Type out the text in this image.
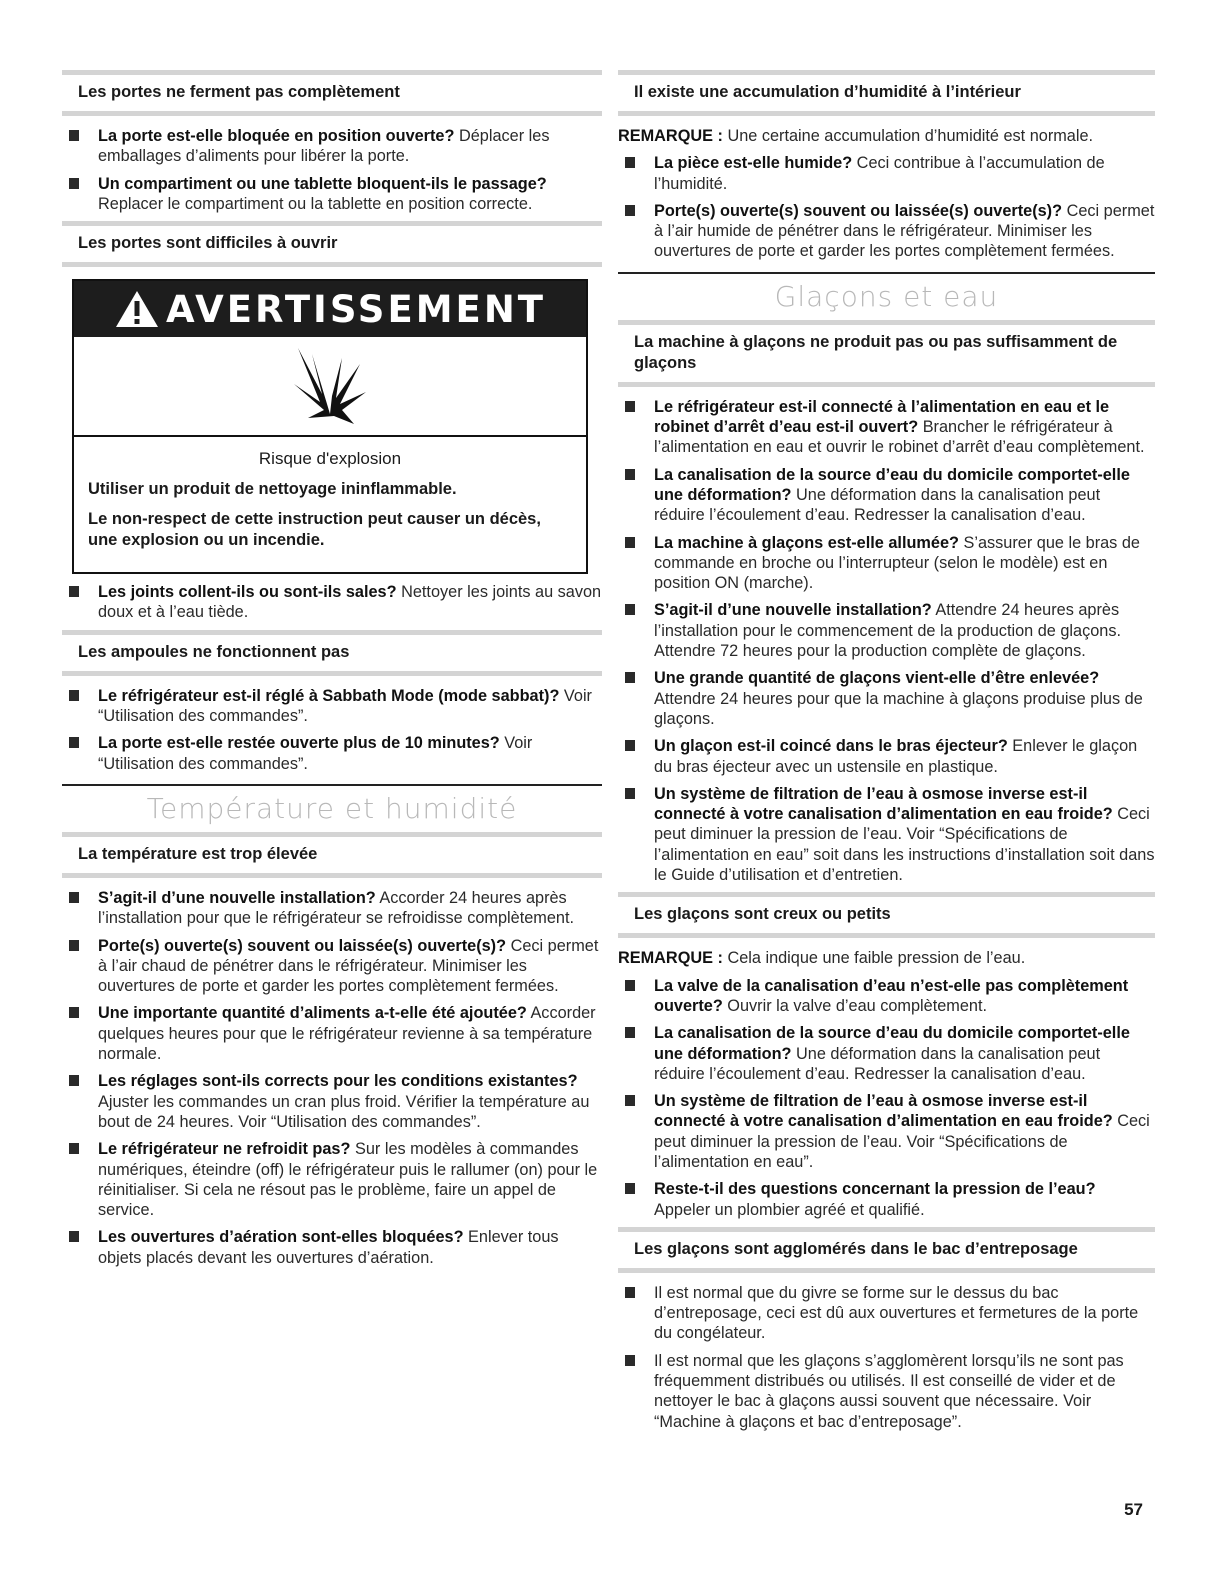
Les portes ne ferment pas complètement
La porte est-elle bloquée en position ouverte? Déplacer les emballages d’aliments pour libérer la porte.
Un compartiment ou une tablette bloquent-ils le passage? Replacer le compartiment ou la tablette en position correcte.
Les portes sont difficiles à ouvrir
AVERTISSEMENT
Risque d'explosion

Utiliser un produit de nettoyage ininflammable.

Le non-respect de cette instruction peut causer un décès, une explosion ou un incendie.

Les joints collent-ils ou sont-ils sales? Nettoyer les joints au savon doux et à l’eau tiède.
Les ampoules ne fonctionnent pas
Le réfrigérateur est-il réglé à Sabbath Mode (mode sabbat)? Voir “Utilisation des commandes”.
La porte est-elle restée ouverte plus de 10 minutes? Voir “Utilisation des commandes”.
Température et humidité
La température est trop élevée
S’agit-il d’une nouvelle installation? Accorder 24 heures après l’installation pour que le réfrigérateur se refroidisse complètement.
Porte(s) ouverte(s) souvent ou laissée(s) ouverte(s)? Ceci permet à l’air chaud de pénétrer dans le réfrigérateur. Minimiser les ouvertures de porte et garder les portes complètement fermées.
Une importante quantité d’aliments a-t-elle été ajoutée? Accorder quelques heures pour que le réfrigérateur revienne à sa température normale.
Les réglages sont-ils corrects pour les conditions existantes? Ajuster les commandes un cran plus froid. Vérifier la température au bout de 24 heures. Voir “Utilisation des commandes”.
Le réfrigérateur ne refroidit pas? Sur les modèles à commandes numériques, éteindre (off) le réfrigérateur puis le rallumer (on) pour le réinitialiser. Si cela ne résout pas le problème, faire un appel de service.
Les ouvertures d’aération sont-elles bloquées? Enlever tous objets placés devant les ouvertures d’aération.
Il existe une accumulation d’humidité à l’intérieur

REMARQUE : Une certaine accumulation d’humidité est normale.

La pièce est-elle humide? Ceci contribue à l’accumulation de l’humidité.
Porte(s) ouverte(s) souvent ou laissée(s) ouverte(s)? Ceci permet à l’air humide de pénétrer dans le réfrigérateur. Minimiser les ouvertures de porte et garder les portes complètement fermées.
Glaçons et eau
La machine à glaçons ne produit pas ou pas suffisamment de glaçons
Le réfrigérateur est-il connecté à l’alimentation en eau et le robinet d’arrêt d’eau est-il ouvert? Brancher le réfrigérateur à l’alimentation en eau et ouvrir le robinet d’arrêt d’eau complètement.
La canalisation de la source d’eau du domicile comportet-elle une déformation? Une déformation dans la canalisation peut réduire l’écoulement d’eau. Redresser la canalisation d’eau.
La machine à glaçons est-elle allumée? S’assurer que le bras de commande en broche ou l’interrupteur (selon le modèle) est en position ON (marche).
S’agit-il d’une nouvelle installation? Attendre 24 heures après l’installation pour le commencement de la production de glaçons. Attendre 72 heures pour la production complète de glaçons.
Une grande quantité de glaçons vient-elle d’être enlevée? Attendre 24 heures pour que la machine à glaçons produise plus de glaçons.
Un glaçon est-il coincé dans le bras éjecteur? Enlever le glaçon du bras éjecteur avec un ustensile en plastique.
Un système de filtration de l’eau à osmose inverse est-il connecté à votre canalisation d’alimentation en eau froide? Ceci peut diminuer la pression de l’eau. Voir “Spécifications de l’alimentation en eau” soit dans les instructions d’installation soit dans le Guide d’utilisation et d’entretien.
Les glaçons sont creux ou petits

REMARQUE : Cela indique une faible pression de l’eau.

La valve de la canalisation d’eau n’est-elle pas complètement ouverte? Ouvrir la valve d’eau complètement.
La canalisation de la source d’eau du domicile comportet-elle une déformation? Une déformation dans la canalisation peut réduire l’écoulement d’eau. Redresser la canalisation d’eau.
Un système de filtration de l’eau à osmose inverse est-il connecté à votre canalisation d’alimentation en eau froide? Ceci peut diminuer la pression de l’eau. Voir “Spécifications de l’alimentation en eau”.
Reste-t-il des questions concernant la pression de l’eau? Appeler un plombier agréé et qualifié.
Les glaçons sont agglomérés dans le bac d’entreposage
Il est normal que du givre se forme sur le dessus du bac d’entreposage, ceci est dû aux ouvertures et fermetures de la porte du congélateur.
Il est normal que les glaçons s’agglomèrent lorsqu’ils ne sont pas fréquemment distribués ou utilisés. Il est conseillé de vider et de nettoyer le bac à glaçons aussi souvent que nécessaire. Voir “Machine à glaçons et bac d’entreposage”.
57
